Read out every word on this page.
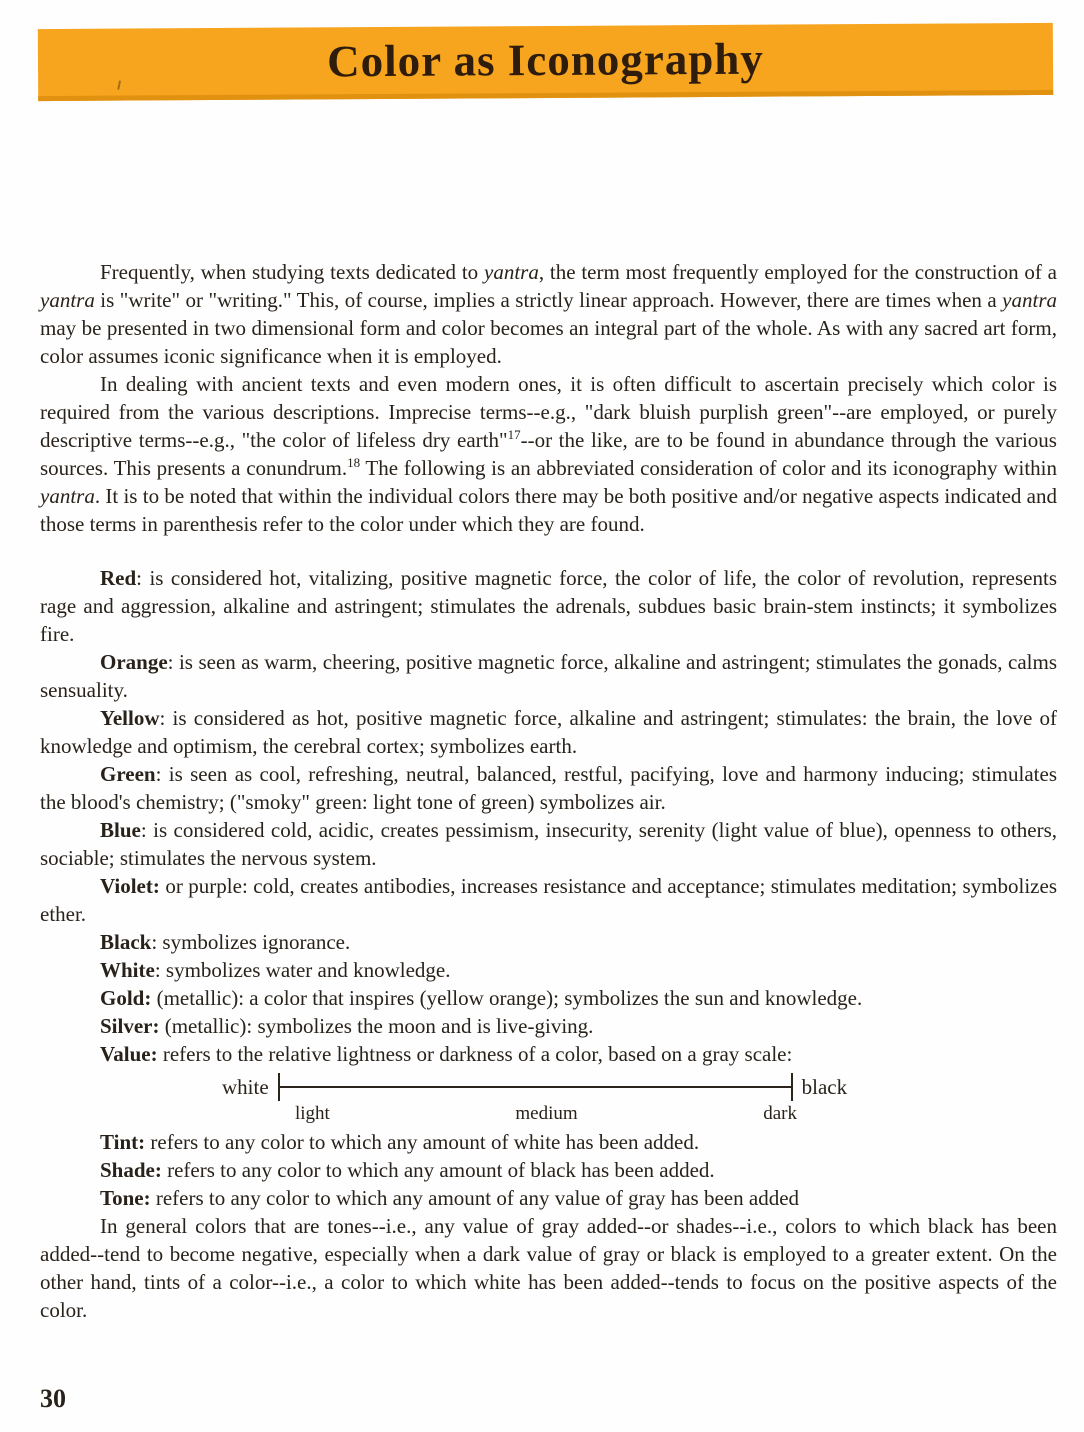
Color as Iconography

Frequently, when studying texts dedicated to yantra, the term most frequently employed for the construction of a yantra is "write" or "writing." This, of course, implies a strictly linear approach. However, there are times when a yantra may be presented in two dimensional form and color becomes an integral part of the whole. As with any sacred art form, color assumes iconic significance when it is employed.

In dealing with ancient texts and even modern ones, it is often difficult to ascertain precisely which color is required from the various descriptions. Imprecise terms--e.g., "dark bluish purplish green"--are employed, or purely descriptive terms--e.g., "the color of lifeless dry earth"$^{17}$--or the like, are to be found in abundance through the various sources. This presents a conundrum.$^{18}$ The following is an abbreviated consideration of color and its iconography within yantra. It is to be noted that within the individual colors there may be both positive and/or negative aspects indicated and those terms in parenthesis refer to the color under which they are found.

Red: is considered hot, vitalizing, positive magnetic force, the color of life, the color of revolution, represents rage and aggression, alkaline and astringent; stimulates the adrenals, subdues basic brain-stem instincts; it symbolizes fire.

Orange: is seen as warm, cheering, positive magnetic force, alkaline and astringent; stimulates the gonads, calms sensuality.

Yellow: is considered as hot, positive magnetic force, alkaline and astringent; stimulates: the brain, the love of knowledge and optimism, the cerebral cortex; symbolizes earth.

Green: is seen as cool, refreshing, neutral, balanced, restful, pacifying, love and harmony inducing; stimulates the blood's chemistry; ("smoky" green: light tone of green) symbolizes air.

Blue: is considered cold, acidic, creates pessimism, insecurity, serenity (light value of blue), openness to others, sociable; stimulates the nervous system.

Violet: or purple: cold, creates antibodies, increases resistance and acceptance; stimulates meditation; symbolizes ether.

Black: symbolizes ignorance.

White: symbolizes water and knowledge.

Gold: (metallic): a color that inspires (yellow orange); symbolizes the sun and knowledge.

Silver: (metallic): symbolizes the moon and is live-giving.

Value: refers to the relative lightness or darkness of a color, based on a gray scale:

white	black
light	medium	dark

Tint: refers to any color to which any amount of white has been added.

Shade: refers to any color to which any amount of black has been added.

Tone: refers to any color to which any amount of any value of gray has been added

In general colors that are tones--i.e., any value of gray added--or shades--i.e., colors to which black has been added--tend to become negative, especially when a dark value of gray or black is employed to a greater extent. On the other hand, tints of a color--i.e., a color to which white has been added--tends to focus on the positive aspects of the color.

30
